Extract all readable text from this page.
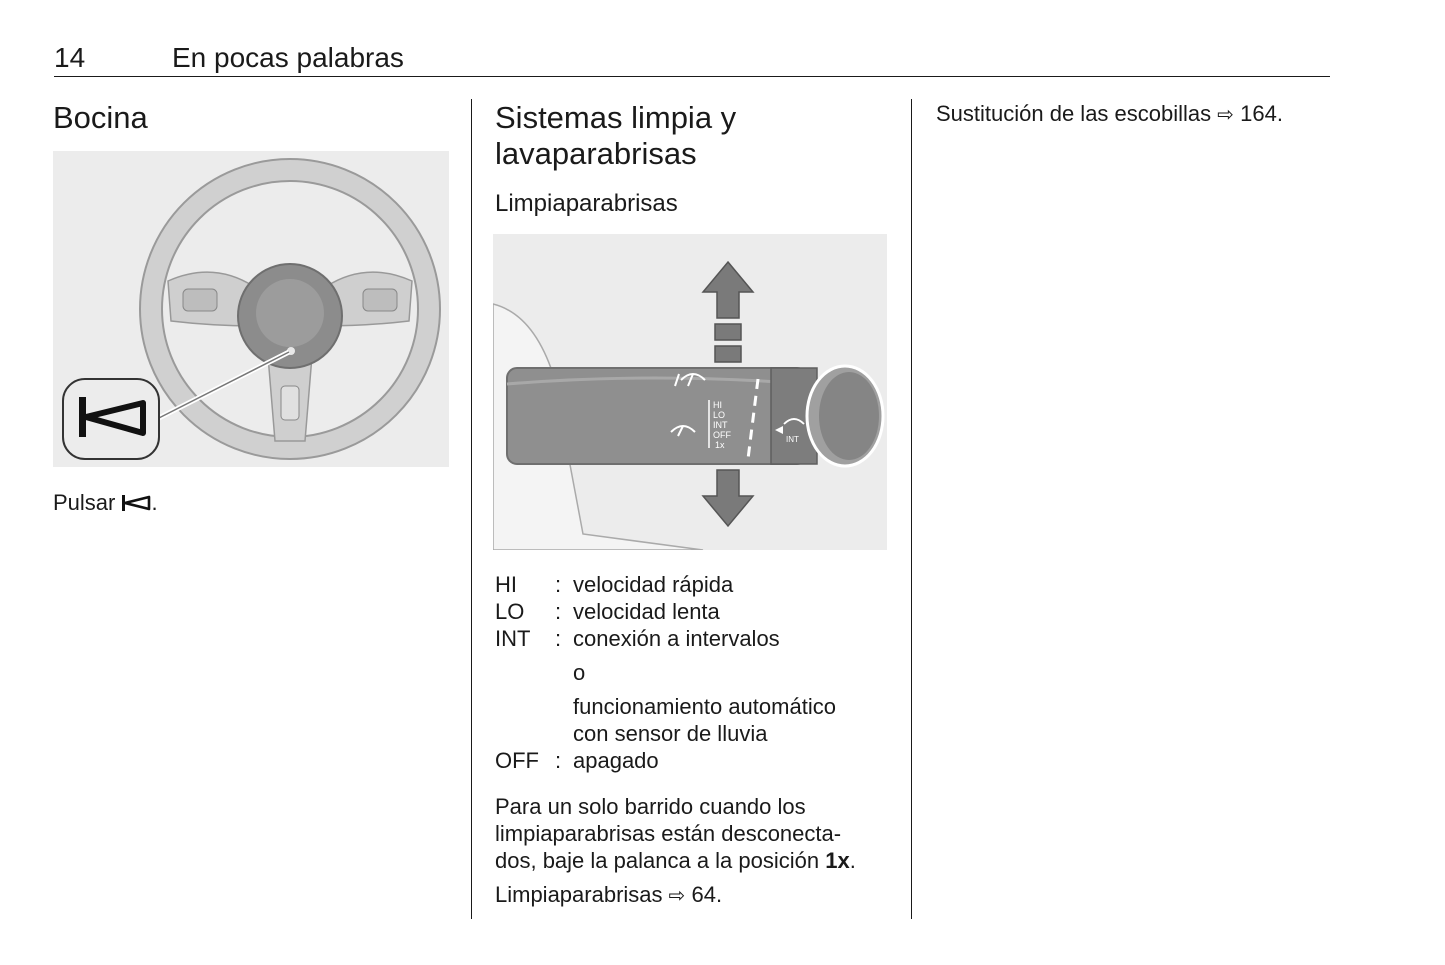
14	En pocas palabras
Bocina
Pulsar .
Sistemas limpia y
lavaparabrisas
Limpiaparabrisas
HI
LO
INT
OFF
1x
INT
HI : velocidad rápida
LO : velocidad lenta
INT : conexión a intervalos
o
funcionamiento automático
con sensor de lluvia
OFF : apagado
Para un solo barrido cuando los
limpiaparabrisas están desconecta-
dos, baje la palanca a la posición 1x.
Limpiaparabrisas ⇨ 64.
Sustitución de las escobillas ⇨ 164.
